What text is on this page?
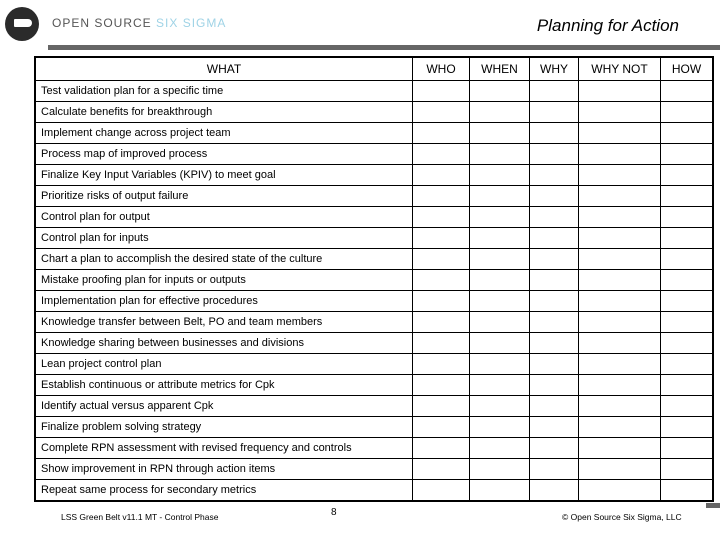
OPEN SOURCE SIX SIGMA	Planning for Action
WHAT	WHO	WHEN	WHY	WHY NOT	HOW
Test validation plan for a specific time					
Calculate benefits for breakthrough					
Implement change across project team					
Process map of improved process					
Finalize Key Input Variables (KPIV) to meet goal					
Prioritize risks of output failure					
Control plan for output					
Control plan for inputs					
Chart a plan to accomplish the desired state of the culture					
Mistake proofing plan for inputs or outputs					
Implementation plan for effective procedures					
Knowledge transfer between Belt, PO and team members					
Knowledge sharing between businesses and divisions					
Lean project control plan					
Establish continuous or attribute metrics for Cpk					
Identify actual versus apparent Cpk					
Finalize problem solving strategy					
Complete RPN assessment with revised frequency and controls					
Show improvement in RPN through action items					
Repeat same process for secondary metrics					
LSS Green Belt v11.1 MT - Control Phase	8	© Open Source Six Sigma, LLC
